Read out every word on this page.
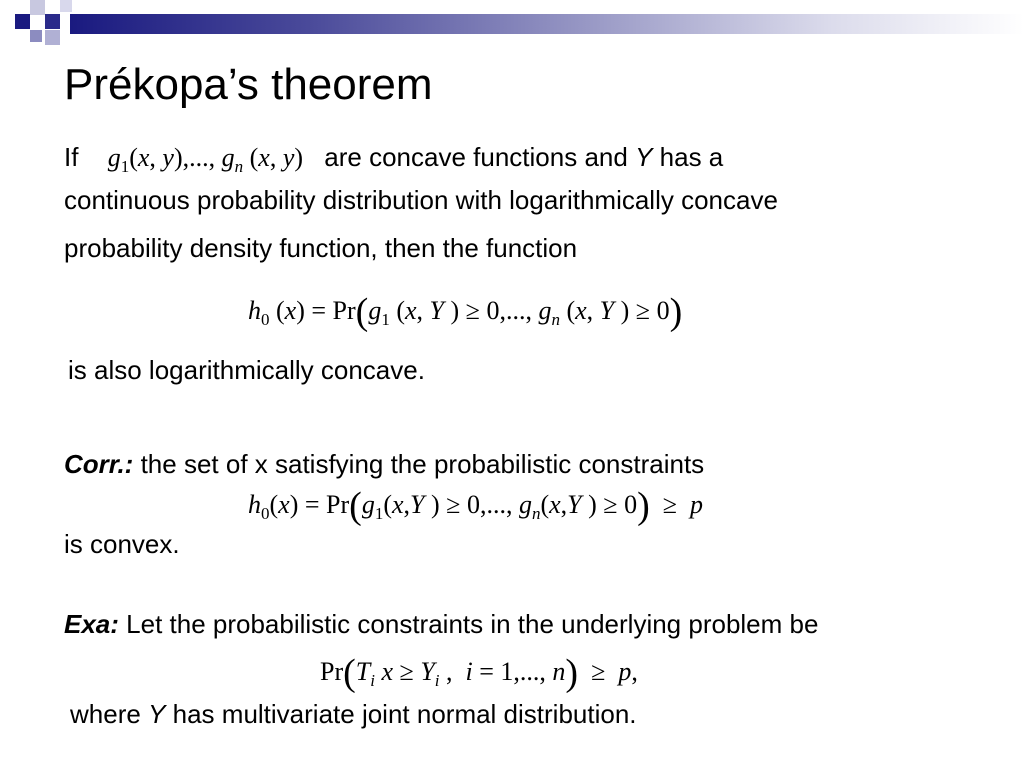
Prékopa’s theorem
If $g_1(x$, y),..., $g_n$ (x, y) are concave functions and Y has a
continuous probability distribution with logarithmically concave
probability density function, then the function
$h_0$ $(x) = Pr(g_1$ (x, Y ) ≥ 0,..., $g_n$ (x, Y ) ≥ 0)
is also logarithmically concave.
Corr.: the set of x satisfying the probabilistic constraints
$h_0(x) = Pr(g_1(x,Y$ ) ≥ 0,..., $g_n(x,Y$ ) ≥ 0)  ≥  p
is convex.
Exa: Let the probabilistic constraints in the underlying problem be
$Pr(T_i$ $x \ge Y_i$ ,  i = 1,..., n)  ≥  p,
where Y has multivariate joint normal distribution.
